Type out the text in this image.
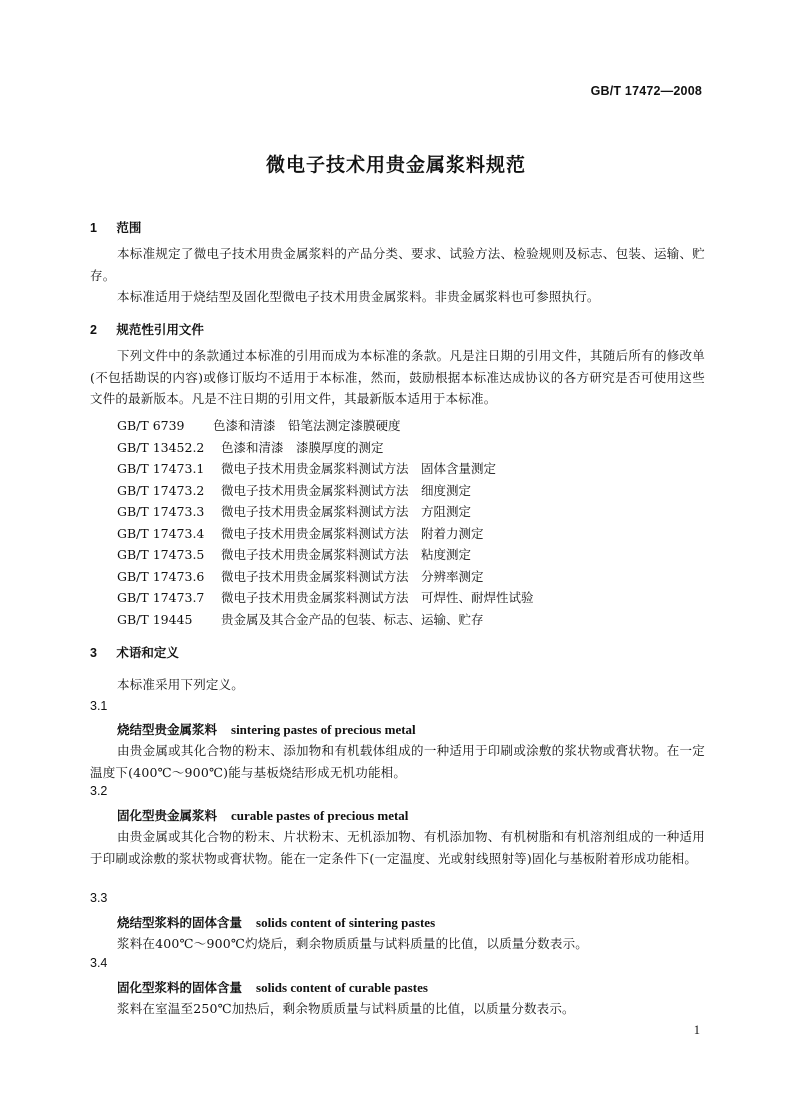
GB/T 17472—2008
微电子技术用贵金属浆料规范
1 范围
本标准规定了微电子技术用贵金属浆料的产品分类、要求、试验方法、检验规则及标志、包装、运输、贮存。
本标准适用于烧结型及固化型微电子技术用贵金属浆料。非贵金属浆料也可参照执行。
2 规范性引用文件
下列文件中的条款通过本标准的引用而成为本标准的条款。凡是注日期的引用文件，其随后所有的修改单(不包括勘误的内容)或修订版均不适用于本标准，然而，鼓励根据本标准达成协议的各方研究是否可使用这些文件的最新版本。凡是不注日期的引用文件，其最新版本适用于本标准。
GB/T 6739 色漆和清漆　铅笔法测定漆膜硬度
GB/T 13452.2 色漆和清漆　漆膜厚度的测定
GB/T 17473.1 微电子技术用贵金属浆料测试方法　固体含量测定
GB/T 17473.2 微电子技术用贵金属浆料测试方法　细度测定
GB/T 17473.3 微电子技术用贵金属浆料测试方法　方阻测定
GB/T 17473.4 微电子技术用贵金属浆料测试方法　附着力测定
GB/T 17473.5 微电子技术用贵金属浆料测试方法　粘度测定
GB/T 17473.6 微电子技术用贵金属浆料测试方法　分辨率测定
GB/T 17473.7 微电子技术用贵金属浆料测试方法　可焊性、耐焊性试验
GB/T 19445 贵金属及其合金产品的包装、标志、运输、贮存
3 术语和定义
本标准采用下列定义。
3.1
烧结型贵金属浆料 sintering pastes of precious metal
由贵金属或其化合物的粉末、添加物和有机载体组成的一种适用于印刷或涂敷的浆状物或膏状物。在一定温度下(400℃～900℃)能与基板烧结形成无机功能相。
3.2
固化型贵金属浆料 curable pastes of precious metal
由贵金属或其化合物的粉末、片状粉末、无机添加物、有机添加物、有机树脂和有机溶剂组成的一种适用于印刷或涂敷的浆状物或膏状物。能在一定条件下(一定温度、光或射线照射等)固化与基板附着形成功能相。
3.3
烧结型浆料的固体含量 solids content of sintering pastes
浆料在400℃～900℃灼烧后，剩余物质质量与试料质量的比值，以质量分数表示。
3.4
固化型浆料的固体含量 solids content of curable pastes
浆料在室温至250℃加热后，剩余物质质量与试料质量的比值，以质量分数表示。
1
